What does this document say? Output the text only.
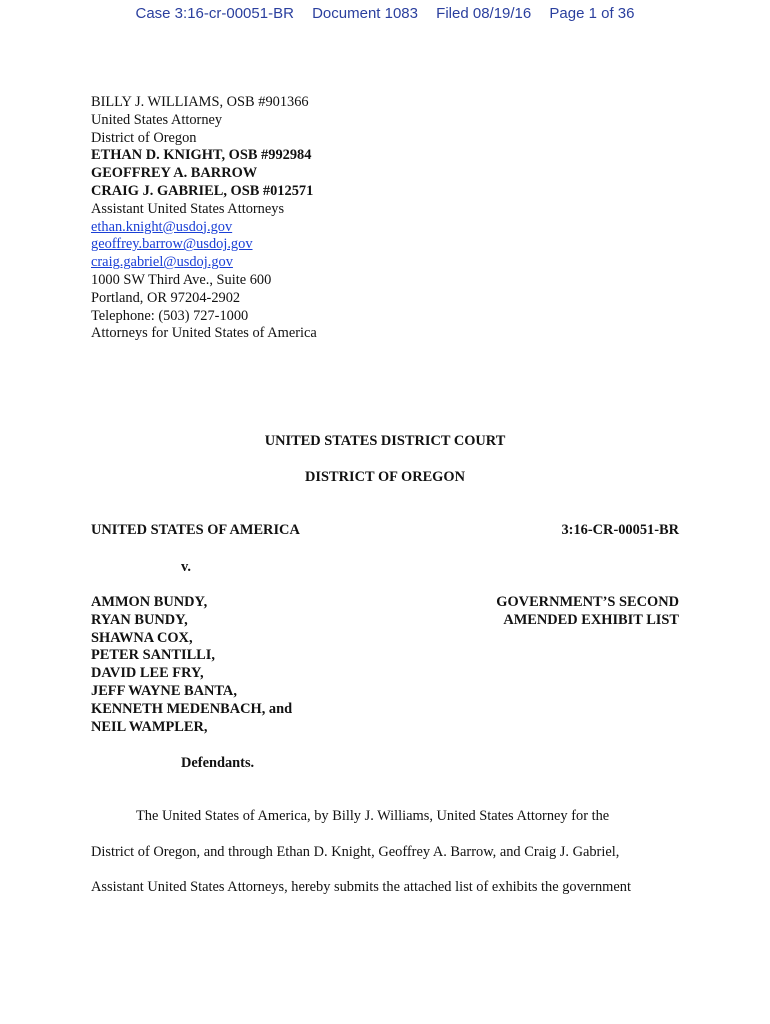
Case 3:16-cr-00051-BR Document 1083 Filed 08/19/16 Page 1 of 36
BILLY J. WILLIAMS, OSB #901366
United States Attorney
District of Oregon
ETHAN D. KNIGHT, OSB #992984
GEOFFREY A. BARROW
CRAIG J. GABRIEL, OSB #012571
Assistant United States Attorneys
ethan.knight@usdoj.gov
geoffrey.barrow@usdoj.gov
craig.gabriel@usdoj.gov
1000 SW Third Ave., Suite 600
Portland, OR 97204-2902
Telephone: (503) 727-1000
Attorneys for United States of America
UNITED STATES DISTRICT COURT
DISTRICT OF OREGON
UNITED STATES OF AMERICA	3:16-CR-00051-BR
v.
AMMON BUNDY,
RYAN BUNDY,
SHAWNA COX,
PETER SANTILLI,
DAVID LEE FRY,
JEFF WAYNE BANTA,
KENNETH MEDENBACH, and
NEIL WAMPLER,
GOVERNMENT’S SECOND
AMENDED EXHIBIT LIST
Defendants.
The United States of America, by Billy J. Williams, United States Attorney for the
District of Oregon, and through Ethan D. Knight, Geoffrey A. Barrow, and Craig J. Gabriel,
Assistant United States Attorneys, hereby submits the attached list of exhibits the government
